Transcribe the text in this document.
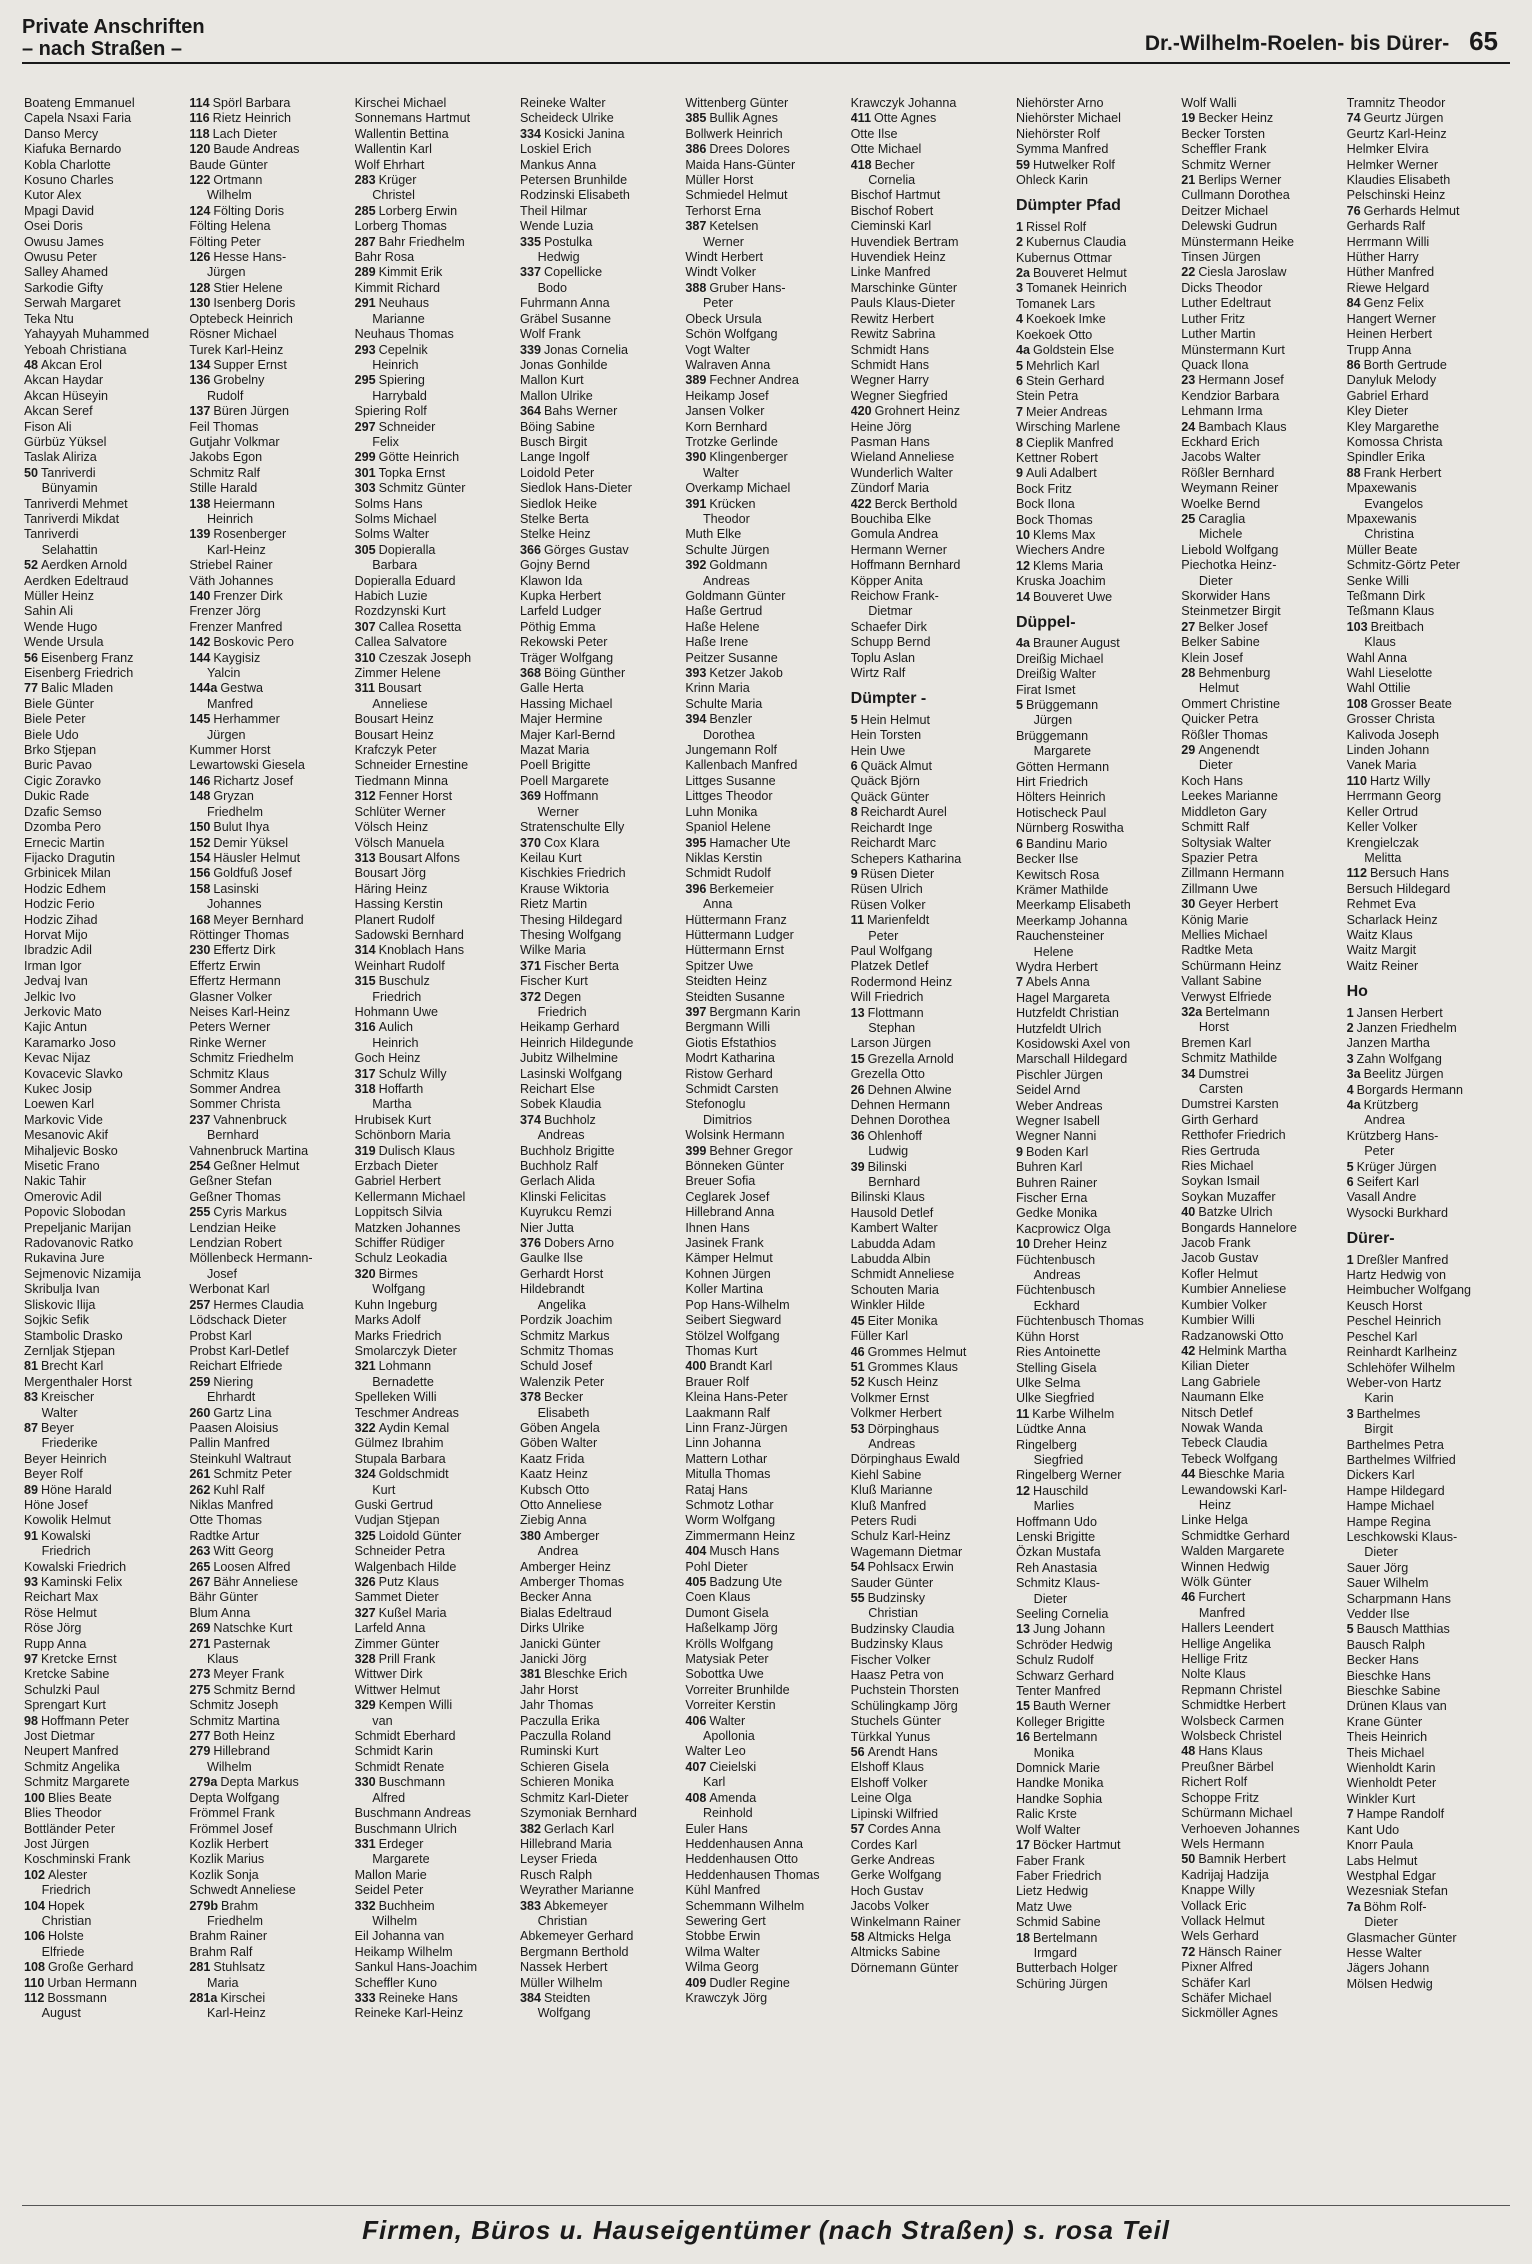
Private Anschriften
– nach Straßen –	Dr.-Wilhelm-Roelen- bis Dürer- 65
Boateng Emmanuel
Capela Nsaxi Faria
Danso Mercy
Kiafuka Bernardo
Kobla Charlotte
Kosuno Charles
Kutor Alex
Mpagi David
Osei Doris
Owusu James
Owusu Peter
Salley Ahamed
Sarkodie Gifty
Serwah Margaret
Teka Ntu
Yahayyah Muhammed
Yeboah Christiana
48 Akcan Erol
Akcan Haydar
Akcan Hüseyin
Akcan Seref
Fison Ali
Gürbüz Yüksel
Taslak Aliriza
50 Tanriverdi
Bünyamin
Tanriverdi Mehmet
Tanriverdi Mikdat
Tanriverdi
Selahattin
52 Aerdken Arnold
Aerdken Edeltraud
Müller Heinz
Sahin Ali
Wende Hugo
Wende Ursula
56 Eisenberg Franz
Eisenberg Friedrich
77 Balic Mladen
Biele Günter
Biele Peter
Biele Udo
Brko Stjepan
Buric Pavao
Cigic Zoravko
Dukic Rade
Dzafic Semso
Dzomba Pero
Ernecic Martin
Fijacko Dragutin
Grbinicek Milan
Hodzic Edhem
Hodzic Ferio
Hodzic Zihad
Horvat Mijo
Ibradzic Adil
Irman Igor
Jedvaj Ivan
Jelkic Ivo
Jerkovic Mato
Kajic Antun
Karamarko Joso
Kevac Nijaz
Kovacevic Slavko
Kukec Josip
Loewen Karl
Markovic Vide
Mesanovic Akif
Mihaljevic Bosko
Misetic Frano
Nakic Tahir
Omerovic Adil
Popovic Slobodan
Prepeljanic Marijan
Radovanovic Ratko
Rukavina Jure
Sejmenovic Nizamija
Skribulja Ivan
Sliskovic Ilija
Sojkic Sefik
Stambolic Drasko
Zernljak Stjepan
81 Brecht Karl
Mergenthaler Horst
83 Kreischer
Walter
87 Beyer
Friederike
Beyer Heinrich
Beyer Rolf
89 Höne Harald
Höne Josef
Kowolik Helmut
91 Kowalski
Friedrich
Kowalski Friedrich
93 Kaminski Felix
Reichart Max
Röse Helmut
Röse Jörg
Rupp Anna
97 Kretcke Ernst
Kretcke Sabine
Schulzki Paul
Sprengart Kurt
98 Hoffmann Peter
Jost Dietmar
Neupert Manfred
Schmitz Angelika
Schmitz Margarete
100 Blies Beate
Blies Theodor
Bottländer Peter
Jost Jürgen
Koschminski Frank
102 Alester
Friedrich
104 Hopek
Christian
106 Holste
Elfriede
108 Große Gerhard
110 Urban Hermann
112 Bossmann
August
114 Spörl Barbara
116 Rietz Heinrich
118 Lach Dieter
120 Baude Andreas
Baude Günter
122 Ortmann
Wilhelm
124 Fölting Doris
Fölting Helena
Fölting Peter
126 Hesse Hans-
Jürgen
128 Stier Helene
130 Isenberg Doris
Optebeck Heinrich
Rösner Michael
Turek Karl-Heinz
134 Supper Ernst
136 Grobelny
Rudolf
137 Büren Jürgen
Feil Thomas
Gutjahr Volkmar
Jakobs Egon
Schmitz Ralf
Stille Harald
138 Heiermann
Heinrich
139 Rosenberger
Karl-Heinz
Striebel Rainer
Väth Johannes
140 Frenzer Dirk
Frenzer Jörg
Frenzer Manfred
142 Boskovic Pero
144 Kaygisiz
Yalcin
144a Gestwa
Manfred
145 Herhammer
Jürgen
Kummer Horst
Lewartowski Giesela
146 Richartz Josef
148 Gryzan
Friedhelm
150 Bulut Ihya
152 Demir Yüksel
154 Häusler Helmut
156 Goldfuß Josef
158 Lasinski
Johannes
168 Meyer Bernhard
Röttinger Thomas
230 Effertz Dirk
Effertz Erwin
Effertz Hermann
Glasner Volker
Neises Karl-Heinz
Peters Werner
Rinke Werner
Schmitz Friedhelm
Schmitz Klaus
Sommer Andrea
Sommer Christa
237 Vahnenbruck
Bernhard
Vahnenbruck Martina
254 Geßner Helmut
Geßner Stefan
Geßner Thomas
255 Cyris Markus
Lendzian Heike
Lendzian Robert
Möllenbeck Hermann-
Josef
Werbonat Karl
257 Hermes Claudia
Lödschack Dieter
Probst Karl
Probst Karl-Detlef
Reichart Elfriede
259 Niering
Ehrhardt
260 Gartz Lina
Paasen Aloisius
Pallin Manfred
Steinkuhl Waltraut
261 Schmitz Peter
262 Kuhl Ralf
Niklas Manfred
Otte Thomas
Radtke Artur
263 Witt Georg
265 Loosen Alfred
267 Bähr Anneliese
Bähr Günter
Blum Anna
269 Natschke Kurt
271 Pasternak
Klaus
273 Meyer Frank
275 Schmitz Bernd
Schmitz Joseph
Schmitz Martina
277 Both Heinz
279 Hillebrand
Wilhelm
279a Depta Markus
Depta Wolfgang
Frömmel Frank
Frömmel Josef
Kozlik Herbert
Kozlik Marius
Kozlik Sonja
Schwedt Anneliese
279b Brahm
Friedhelm
Brahm Rainer
Brahm Ralf
281 Stuhlsatz
Maria
281a Kirschei
Karl-Heinz
Kirschei Michael
Sonnemans Hartmut
Wallentin Bettina
Wallentin Karl
Wolf Ehrhart
283 Krüger
Christel
285 Lorberg Erwin
Lorberg Thomas
287 Bahr Friedhelm
Bahr Rosa
289 Kimmit Erik
Kimmit Richard
291 Neuhaus
Marianne
Neuhaus Thomas
293 Cepelnik
Heinrich
295 Spiering
Harrybald
Spiering Rolf
297 Schneider
Felix
299 Götte Heinrich
301 Topka Ernst
303 Schmitz Günter
Solms Hans
Solms Michael
Solms Walter
305 Dopieralla
Barbara
Dopieralla Eduard
Habich Luzie
Rozdzynski Kurt
307 Callea Rosetta
Callea Salvatore
310 Czeszak Joseph
Zimmer Helene
311 Bousart
Anneliese
Bousart Heinz
Bousart Heinz
Krafczyk Peter
Schneider Ernestine
Tiedmann Minna
312 Fenner Horst
Schlüter Werner
Völsch Heinz
Völsch Manuela
313 Bousart Alfons
Bousart Jörg
Häring Heinz
Hassing Kerstin
Planert Rudolf
Sadowski Bernhard
314 Knoblach Hans
Weinhart Rudolf
315 Buschulz
Friedrich
Hohmann Uwe
316 Aulich
Heinrich
Goch Heinz
317 Schulz Willy
318 Hoffarth
Martha
Hrubisek Kurt
Schönborn Maria
319 Dulisch Klaus
Erzbach Dieter
Gabriel Herbert
Kellermann Michael
Loppitsch Silvia
Matzken Johannes
Schiffer Rüdiger
Schulz Leokadia
320 Birmes
Wolfgang
Kuhn Ingeburg
Marks Adolf
Marks Friedrich
Smolarczyk Dieter
321 Lohmann
Bernadette
Spelleken Willi
Teschmer Andreas
322 Aydin Kemal
Gülmez Ibrahim
Stupala Barbara
324 Goldschmidt
Kurt
Guski Gertrud
Vudjan Stjepan
325 Loidold Günter
Schneider Petra
Walgenbach Hilde
326 Putz Klaus
Sammet Dieter
327 Kußel Maria
Larfeld Anna
Zimmer Günter
328 Prill Frank
Wittwer Dirk
Wittwer Helmut
329 Kempen Willi
van
Schmidt Eberhard
Schmidt Karin
Schmidt Renate
330 Buschmann
Alfred
Buschmann Andreas
Buschmann Ulrich
331 Erdeger
Margarete
Mallon Marie
Seidel Peter
332 Buchheim
Wilhelm
Eil Johanna van
Heikamp Wilhelm
Sankul Hans-Joachim
Scheffler Kuno
333 Reineke Hans
Reineke Karl-Heinz
Reineke Walter
Scheideck Ulrike
334 Kosicki Janina
Loskiel Erich
Mankus Anna
Petersen Brunhilde
Rodzinski Elisabeth
Theil Hilmar
Wende Luzia
335 Postulka
Hedwig
337 Copellicke
Bodo
Fuhrmann Anna
Gräbel Susanne
Wolf Frank
339 Jonas Cornelia
Jonas Gonhilde
Mallon Kurt
Mallon Ulrike
364 Bahs Werner
Böing Sabine
Busch Birgit
Lange Ingolf
Loidold Peter
Siedlok Hans-Dieter
Siedlok Heike
Stelke Berta
Stelke Heinz
366 Görges Gustav
Gojny Bernd
Klawon Ida
Kupka Herbert
Larfeld Ludger
Pöthig Emma
Rekowski Peter
Träger Wolfgang
368 Böing Günther
Galle Herta
Hassing Michael
Majer Hermine
Majer Karl-Bernd
Mazat Maria
Poell Brigitte
Poell Margarete
369 Hoffmann
Werner
Stratenschulte Elly
370 Cox Klara
Keilau Kurt
Kischkies Friedrich
Krause Wiktoria
Rietz Martin
Thesing Hildegard
Thesing Wolfgang
Wilke Maria
371 Fischer Berta
Fischer Kurt
372 Degen
Friedrich
Heikamp Gerhard
Heinrich Hildegunde
Jubitz Wilhelmine
Lasinski Wolfgang
Reichart Else
Sobek Klaudia
374 Buchholz
Andreas
Buchholz Brigitte
Buchholz Ralf
Gerlach Alida
Klinski Felicitas
Kuyrukcu Remzi
Nier Jutta
376 Dobers Arno
Gaulke Ilse
Gerhardt Horst
Hildebrandt
Angelika
Pordzik Joachim
Schmitz Markus
Schmitz Thomas
Schuld Josef
Walenzik Peter
378 Becker
Elisabeth
Göben Angela
Göben Walter
Kaatz Frida
Kaatz Heinz
Kubsch Otto
Otto Anneliese
Ziebig Anna
380 Amberger
Andrea
Amberger Heinz
Amberger Thomas
Becker Anna
Bialas Edeltraud
Dirks Ulrike
Janicki Günter
Janicki Jörg
381 Bleschke Erich
Jahr Horst
Jahr Thomas
Paczulla Erika
Paczulla Roland
Ruminski Kurt
Schieren Gisela
Schieren Monika
Schmitz Karl-Dieter
Szymoniak Bernhard
382 Gerlach Karl
Hillebrand Maria
Leyser Frieda
Rusch Ralph
Weyrather Marianne
383 Abkemeyer
Christian
Abkemeyer Gerhard
Bergmann Berthold
Nassek Herbert
Müller Wilhelm
384 Steidten
Wolfgang
Wittenberg Günter
385 Bullik Agnes
Bollwerk Heinrich
386 Drees Dolores
Maida Hans-Günter
Müller Horst
Schmiedel Helmut
Terhorst Erna
387 Ketelsen
Werner
Windt Herbert
Windt Volker
388 Gruber Hans-
Peter
Obeck Ursula
Schön Wolfgang
Vogt Walter
Walraven Anna
389 Fechner Andrea
Heikamp Josef
Jansen Volker
Korn Bernhard
Trotzke Gerlinde
390 Klingenberger
Walter
Overkamp Michael
391 Krücken
Theodor
Muth Elke
Schulte Jürgen
392 Goldmann
Andreas
Goldmann Günter
Haße Gertrud
Haße Helene
Haße Irene
Peitzer Susanne
393 Ketzer Jakob
Krinn Maria
Schulte Maria
394 Benzler
Dorothea
Jungemann Rolf
Kallenbach Manfred
Littges Susanne
Littges Theodor
Luhn Monika
Spaniol Helene
395 Hamacher Ute
Niklas Kerstin
Schmidt Rudolf
396 Berkemeier
Anna
Hüttermann Franz
Hüttermann Ludger
Hüttermann Ernst
Spitzer Uwe
Steidten Heinz
Steidten Susanne
397 Bergmann Karin
Bergmann Willi
Giotis Efstathios
Modrt Katharina
Ristow Gerhard
Schmidt Carsten
Stefonoglu
Dimitrios
Wolsink Hermann
399 Behner Gregor
Bönneken Günter
Breuer Sofia
Ceglarek Josef
Hillebrand Anna
Ihnen Hans
Jasinek Frank
Kämper Helmut
Kohnen Jürgen
Koller Martina
Pop Hans-Wilhelm
Seibert Siegward
Stölzel Wolfgang
Thomas Kurt
400 Brandt Karl
Brauer Rolf
Kleina Hans-Peter
Laakmann Ralf
Linn Franz-Jürgen
Linn Johanna
Mattern Lothar
Mitulla Thomas
Rataj Hans
Schmotz Lothar
Worm Wolfgang
Zimmermann Heinz
404 Musch Hans
Pohl Dieter
405 Badzung Ute
Coen Klaus
Dumont Gisela
Haßelkamp Jörg
Krölls Wolfgang
Matysiak Peter
Sobottka Uwe
Vorreiter Brunhilde
Vorreiter Kerstin
406 Walter
Apollonia
Walter Leo
407 Cieielski
Karl
408 Amenda
Reinhold
Euler Hans
Heddenhausen Anna
Heddenhausen Otto
Heddenhausen Thomas
Kühl Manfred
Schemmann Wilhelm
Sewering Gert
Stobbe Erwin
Wilma Walter
Wilma Georg
409 Dudler Regine
Krawczyk Jörg
Krawczyk Johanna
411 Otte Agnes
Otte Ilse
Otte Michael
418 Becher
Cornelia
Bischof Hartmut
Bischof Robert
Cieminski Karl
Huvendiek Bertram
Huvendiek Heinz
Linke Manfred
Marschinke Günter
Pauls Klaus-Dieter
Rewitz Herbert
Rewitz Sabrina
Schmidt Hans
Schmidt Hans
Wegner Harry
Wegner Siegfried
420 Grohnert Heinz
Heine Jörg
Pasman Hans
Wieland Anneliese
Wunderlich Walter
Zündorf Maria
422 Berck Berthold
Bouchiba Elke
Gomula Andrea
Hermann Werner
Hoffmann Bernhard
Köpper Anita
Reichow Frank-
Dietmar
Schaefer Dirk
Schupp Bernd
Toplu Aslan
Wirtz Ralf
Dümpter -
5 Hein Helmut
Hein Torsten
Hein Uwe
6 Quäck Almut
Quäck Björn
Quäck Günter
8 Reichardt Aurel
Reichardt Inge
Reichardt Marc
Schepers Katharina
9 Rüsen Dieter
Rüsen Ulrich
Rüsen Volker
11 Marienfeldt
Peter
Paul Wolfgang
Platzek Detlef
Rodermond Heinz
Will Friedrich
13 Flottmann
Stephan
Larson Jürgen
15 Grezella Arnold
Grezella Otto
26 Dehnen Alwine
Dehnen Hermann
Dehnen Dorothea
36 Ohlenhoff
Ludwig
39 Bilinski
Bernhard
Bilinski Klaus
Hausold Detlef
Kambert Walter
Labudda Adam
Labudda Albin
Schmidt Anneliese
Schouten Maria
Winkler Hilde
45 Eiter Monika
Füller Karl
46 Grommes Helmut
51 Grommes Klaus
52 Kusch Heinz
Volkmer Ernst
Volkmer Herbert
53 Dörpinghaus
Andreas
Dörpinghaus Ewald
Kiehl Sabine
Kluß Marianne
Kluß Manfred
Peters Rudi
Schulz Karl-Heinz
Wagemann Dietmar
54 Pohlsacx Erwin
Sauder Günter
55 Budzinsky
Christian
Budzinsky Claudia
Budzinsky Klaus
Fischer Volker
Haasz Petra von
Puchstein Thorsten
Schülingkamp Jörg
Stuchels Günter
Türkkal Yunus
56 Arendt Hans
Elshoff Klaus
Elshoff Volker
Leine Olga
Lipinski Wilfried
57 Cordes Anna
Cordes Karl
Gerke Andreas
Gerke Wolfgang
Hoch Gustav
Jacobs Volker
Winkelmann Rainer
58 Altmicks Helga
Altmicks Sabine
Dörnemann Günter
Niehörster Arno
Niehörster Michael
Niehörster Rolf
Symma Manfred
59 Hutwelker Rolf
Ohleck Karin
Dümpter Pfad
1 Rissel Rolf
2 Kubernus Claudia
Kubernus Ottmar
2a Bouveret Helmut
3 Tomanek Heinrich
Tomanek Lars
4 Koekoek Imke
Koekoek Otto
4a Goldstein Else
5 Mehrlich Karl
6 Stein Gerhard
Stein Petra
7 Meier Andreas
Wirsching Marlene
8 Cieplik Manfred
Kettner Robert
9 Auli Adalbert
Bock Fritz
Bock Ilona
Bock Thomas
10 Klems Max
Wiechers Andre
12 Klems Maria
Kruska Joachim
14 Bouveret Uwe
Düppel-
4a Brauner August
Dreißig Michael
Dreißig Walter
Firat Ismet
5 Brüggemann
Jürgen
Brüggemann
Margarete
Götten Hermann
Hirt Friedrich
Hölters Heinrich
Hotischeck Paul
Nürnberg Roswitha
6 Bandinu Mario
Becker Ilse
Kewitsch Rosa
Krämer Mathilde
Meerkamp Elisabeth
Meerkamp Johanna
Rauchensteiner
Helene
Wydra Herbert
7 Abels Anna
Hagel Margareta
Hutzfeldt Christian
Hutzfeldt Ulrich
Kosidowski Axel von
Marschall Hildegard
Pischler Jürgen
Seidel Arnd
Weber Andreas
Wegner Isabell
Wegner Nanni
9 Boden Karl
Buhren Karl
Buhren Rainer
Fischer Erna
Gedke Monika
Kacprowicz Olga
10 Dreher Heinz
Füchtenbusch
Andreas
Füchtenbusch
Eckhard
Füchtenbusch Thomas
Kühn Horst
Ries Antoinette
Stelling Gisela
Ulke Selma
Ulke Siegfried
11 Karbe Wilhelm
Lüdtke Anna
Ringelberg
Siegfried
Ringelberg Werner
12 Hauschild
Marlies
Hoffmann Udo
Lenski Brigitte
Özkan Mustafa
Reh Anastasia
Schmitz Klaus-
Dieter
Seeling Cornelia
13 Jung Johann
Schröder Hedwig
Schulz Rudolf
Schwarz Gerhard
Tenter Manfred
15 Bauth Werner
Kolleger Brigitte
16 Bertelmann
Monika
Domnick Marie
Handke Monika
Handke Sophia
Ralic Krste
Wolf Walter
17 Böcker Hartmut
Faber Frank
Faber Friedrich
Lietz Hedwig
Matz Uwe
Schmid Sabine
18 Bertelmann
Irmgard
Butterbach Holger
Schüring Jürgen
Wolf Walli
19 Becker Heinz
Becker Torsten
Scheffler Frank
Schmitz Werner
21 Berlips Werner
Cullmann Dorothea
Deitzer Michael
Delewski Gudrun
Münstermann Heike
Tinsen Jürgen
22 Ciesla Jaroslaw
Dicks Theodor
Luther Edeltraut
Luther Fritz
Luther Martin
Münstermann Kurt
Quack Ilona
23 Hermann Josef
Kendzior Barbara
Lehmann Irma
24 Bambach Klaus
Eckhard Erich
Jacobs Walter
Rößler Bernhard
Weymann Reiner
Woelke Bernd
25 Caraglia
Michele
Liebold Wolfgang
Piechotka Heinz-
Dieter
Skorwider Hans
Steinmetzer Birgit
27 Belker Josef
Belker Sabine
Klein Josef
28 Behmenburg
Helmut
Ommert Christine
Quicker Petra
Rößler Thomas
29 Angenendt
Dieter
Koch Hans
Leekes Marianne
Middleton Gary
Schmitt Ralf
Soltysiak Walter
Spazier Petra
Zillmann Hermann
Zillmann Uwe
30 Geyer Herbert
König Marie
Mellies Michael
Radtke Meta
Schürmann Heinz
Vallant Sabine
Verwyst Elfriede
32a Bertelmann
Horst
Bremen Karl
Schmitz Mathilde
34 Dumstrei
Carsten
Dumstrei Karsten
Girth Gerhard
Retthofer Friedrich
Ries Gertruda
Ries Michael
Soykan Ismail
Soykan Muzaffer
40 Batzke Ulrich
Bongards Hannelore
Jacob Frank
Jacob Gustav
Kofler Helmut
Kumbier Anneliese
Kumbier Volker
Kumbier Willi
Radzanowski Otto
42 Helmink Martha
Kilian Dieter
Lang Gabriele
Naumann Elke
Nitsch Detlef
Nowak Wanda
Tebeck Claudia
Tebeck Wolfgang
44 Bieschke Maria
Lewandowski Karl-
Heinz
Linke Helga
Schmidtke Gerhard
Walden Margarete
Winnen Hedwig
Wölk Günter
46 Furchert
Manfred
Hallers Leendert
Hellige Angelika
Hellige Fritz
Nolte Klaus
Repmann Christel
Schmidtke Herbert
Wolsbeck Carmen
Wolsbeck Christel
48 Hans Klaus
Preußner Bärbel
Richert Rolf
Schoppe Fritz
Schürmann Michael
Verhoeven Johannes
Wels Hermann
50 Bamnik Herbert
Kadrijaj Hadzija
Knappe Willy
Vollack Eric
Vollack Helmut
Wels Gerhard
72 Hänsch Rainer
Pixner Alfred
Schäfer Karl
Schäfer Michael
Sickmöller Agnes
Tramnitz Theodor
74 Geurtz Jürgen
Geurtz Karl-Heinz
Helmker Elvira
Helmker Werner
Klaudies Elisabeth
Pelschinski Heinz
76 Gerhards Helmut
Gerhards Ralf
Herrmann Willi
Hüther Harry
Hüther Manfred
Riewe Helgard
84 Genz Felix
Hangert Werner
Heinen Herbert
Trupp Anna
86 Borth Gertrude
Danyluk Melody
Gabriel Erhard
Kley Dieter
Kley Margarethe
Komossa Christa
Spindler Erika
88 Frank Herbert
Mpaxewanis
Evangelos
Mpaxewanis
Christina
Müller Beate
Schmitz-Görtz Peter
Senke Willi
Teßmann Dirk
Teßmann Klaus
103 Breitbach
Klaus
Wahl Anna
Wahl Lieselotte
Wahl Ottilie
108 Grosser Beate
Grosser Christa
Kalivoda Joseph
Linden Johann
Vanek Maria
110 Hartz Willy
Herrmann Georg
Keller Ortrud
Keller Volker
Krengielczak
Melitta
112 Bersuch Hans
Bersuch Hildegard
Rehmet Eva
Scharlack Heinz
Waitz Klaus
Waitz Margit
Waitz Reiner
Ho
1 Jansen Herbert
2 Janzen Friedhelm
Janzen Martha
3 Zahn Wolfgang
3a Beelitz Jürgen
4 Borgards Hermann
4a Krützberg
Andrea
Krützberg Hans-
Peter
5 Krüger Jürgen
6 Seifert Karl
Vasall Andre
Wysocki Burkhard
Dürer-
1 Dreßler Manfred
Hartz Hedwig von
Heimbucher Wolfgang
Keusch Horst
Peschel Heinrich
Peschel Karl
Reinhardt Karlheinz
Schlehöfer Wilhelm
Weber-von Hartz
Karin
3 Barthelmes
Birgit
Barthelmes Petra
Barthelmes Wilfried
Dickers Karl
Hampe Hildegard
Hampe Michael
Hampe Regina
Leschkowski Klaus-
Dieter
Sauer Jörg
Sauer Wilhelm
Scharpmann Hans
Vedder Ilse
5 Bausch Matthias
Bausch Ralph
Becker Hans
Bieschke Hans
Bieschke Sabine
Drünen Klaus van
Krane Günter
Theis Heinrich
Theis Michael
Wienholdt Karin
Wienholdt Peter
Winkler Kurt
7 Hampe Randolf
Kant Udo
Knorr Paula
Labs Helmut
Westphal Edgar
Wezesniak Stefan
7a Böhm Rolf-
Dieter
Glasmacher Günter
Hesse Walter
Jägers Johann
Mölsen Hedwig
Firmen, Büros u. Hauseigentümer (nach Straßen) s. rosa Teil
